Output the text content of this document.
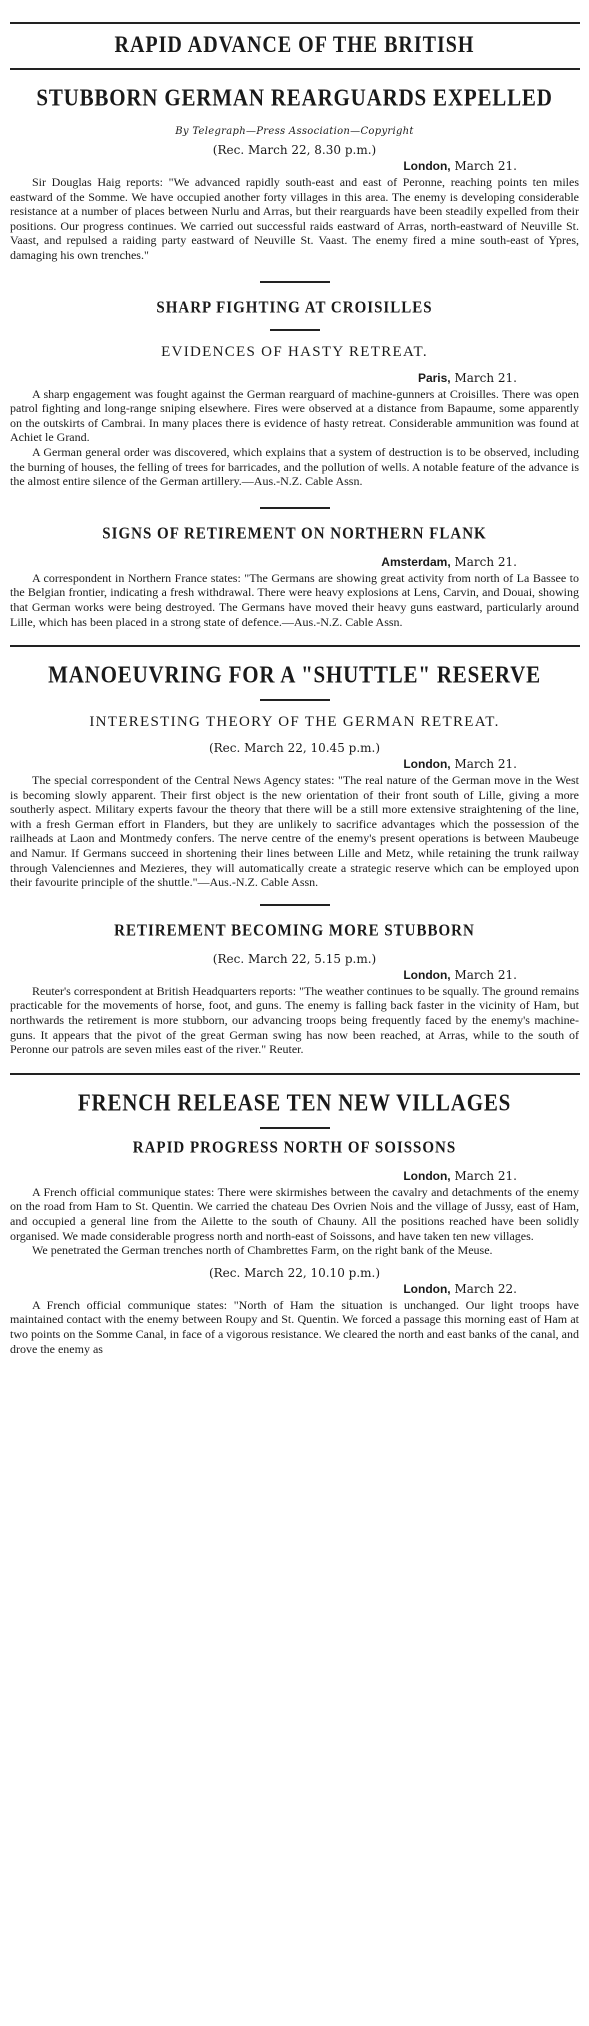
RAPID ADVANCE OF THE BRITISH
STUBBORN GERMAN REARGUARDS EXPELLED
By Telegraph—Press Association—Copyright
(Rec. March 22, 8.30 p.m.)
London, March 21.

Sir Douglas Haig reports: "We advanced rapidly south-east and east of Peronne, reaching points ten miles eastward of the Somme. We have occupied another forty villages in this area. The enemy is developing considerable resistance at a number of places between Nurlu and Arras, but their rearguards have been steadily expelled from their positions. Our progress continues. We carried out successful raids eastward of Arras, north-eastward of Neuville St. Vaast, and repulsed a raiding party eastward of Neuville St. Vaast. The enemy fired a mine south-east of Ypres, damaging his own trenches."

SHARP FIGHTING AT CROISILLES
EVIDENCES OF HASTY RETREAT.
Paris, March 21.

A sharp engagement was fought against the German rearguard of machine-gunners at Croisilles. There was open patrol fighting and long-range sniping elsewhere. Fires were observed at a distance from Bapaume, some apparently on the outskirts of Cambrai. In many places there is evidence of hasty retreat. Considerable ammunition was found at Achiet le Grand.

A German general order was discovered, which explains that a system of destruction is to be observed, including the burning of houses, the felling of trees for barricades, and the pollution of wells. A notable feature of the advance is the almost entire silence of the German artillery.—Aus.-N.Z. Cable Assn.

SIGNS OF RETIREMENT ON NORTHERN FLANK
Amsterdam, March 21.

A correspondent in Northern France states: "The Germans are showing great activity from north of La Bassee to the Belgian frontier, indicating a fresh withdrawal. There were heavy explosions at Lens, Carvin, and Douai, showing that German works were being destroyed. The Germans have moved their heavy guns eastward, particularly around Lille, which has been placed in a strong state of defence.—Aus.-N.Z. Cable Assn.

MANOEUVRING FOR A "SHUTTLE" RESERVE
INTERESTING THEORY OF THE GERMAN RETREAT.
(Rec. March 22, 10.45 p.m.)
London, March 21.

The special correspondent of the Central News Agency states: "The real nature of the German move in the West is becoming slowly apparent. Their first object is the new orientation of their front south of Lille, giving a more southerly aspect. Military experts favour the theory that there will be a still more extensive straightening of the line, with a fresh German effort in Flanders, but they are unlikely to sacrifice advantages which the possession of the railheads at Laon and Montmedy confers. The nerve centre of the enemy's present operations is between Maubeuge and Namur. If Germans succeed in shortening their lines between Lille and Metz, while retaining the trunk railway through Valenciennes and Mezieres, they will automatically create a strategic reserve which can be employed upon their favourite principle of the shuttle."—Aus.-N.Z. Cable Assn.

RETIREMENT BECOMING MORE STUBBORN
(Rec. March 22, 5.15 p.m.)
London, March 21.

Reuter's correspondent at British Headquarters reports: "The weather continues to be squally. The ground remains practicable for the movements of horse, foot, and guns. The enemy is falling back faster in the vicinity of Ham, but northwards the retirement is more stubborn, our advancing troops being frequently faced by the enemy's machine-guns. It appears that the pivot of the great German swing has now been reached, at Arras, while to the south of Peronne our patrols are seven miles east of the river." Reuter.

FRENCH RELEASE TEN NEW VILLAGES
RAPID PROGRESS NORTH OF SOISSONS
London, March 21.

A French official communique states: There were skirmishes between the cavalry and detachments of the enemy on the road from Ham to St. Quentin. We carried the chateau Des Ovrien Nois and the village of Jussy, east of Ham, and occupied a general line from the Ailette to the south of Chauny. All the positions reached have been solidly organised. We made considerable progress north and north-east of Soissons, and have taken ten new villages.

We penetrated the German trenches north of Chambrettes Farm, on the right bank of the Meuse.

(Rec. March 22, 10.10 p.m.)
London, March 22.

A French official communique states: "North of Ham the situation is unchanged. Our light troops have maintained contact with the enemy between Roupy and St. Quentin. We forced a passage this morning east of Ham at two points on the Somme Canal, in face of a vigorous resistance. We cleared the north and east banks of the canal, and drove the enemy as
